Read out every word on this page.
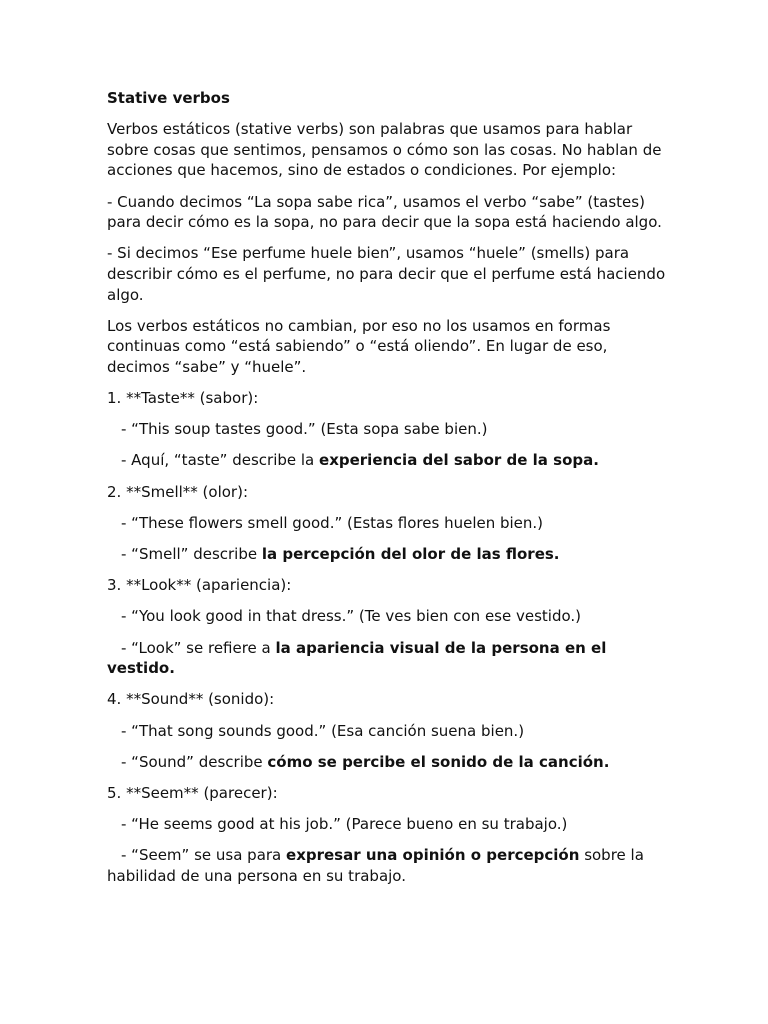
Stative verbos

Verbos estáticos (stative verbs) son palabras que usamos para hablar sobre cosas que sentimos, pensamos o cómo son las cosas. No hablan de acciones que hacemos, sino de estados o condiciones. Por ejemplo:

- Cuando decimos “La sopa sabe rica”, usamos el verbo “sabe” (tastes) para decir cómo es la sopa, no para decir que la sopa está haciendo algo.

- Si decimos “Ese perfume huele bien”, usamos “huele” (smells) para describir cómo es el perfume, no para decir que el perfume está haciendo algo.

Los verbos estáticos no cambian, por eso no los usamos en formas continuas como “está sabiendo” o “está oliendo”. En lugar de eso, decimos “sabe” y “huele”.

1. **Taste** (sabor):

- “This soup tastes good.” (Esta sopa sabe bien.)

- Aquí, “taste” describe la experiencia del sabor de la sopa.

2. **Smell** (olor):

- “These flowers smell good.” (Estas flores huelen bien.)

- “Smell” describe la percepción del olor de las flores.

3. **Look** (apariencia):

- “You look good in that dress.” (Te ves bien con ese vestido.)

- “Look” se refiere a la apariencia visual de la persona en el vestido.

4. **Sound** (sonido):

- “That song sounds good.” (Esa canción suena bien.)

- “Sound” describe cómo se percibe el sonido de la canción.

5. **Seem** (parecer):

- “He seems good at his job.” (Parece bueno en su trabajo.)

- “Seem” se usa para expresar una opinión o percepción sobre la habilidad de una persona en su trabajo.
